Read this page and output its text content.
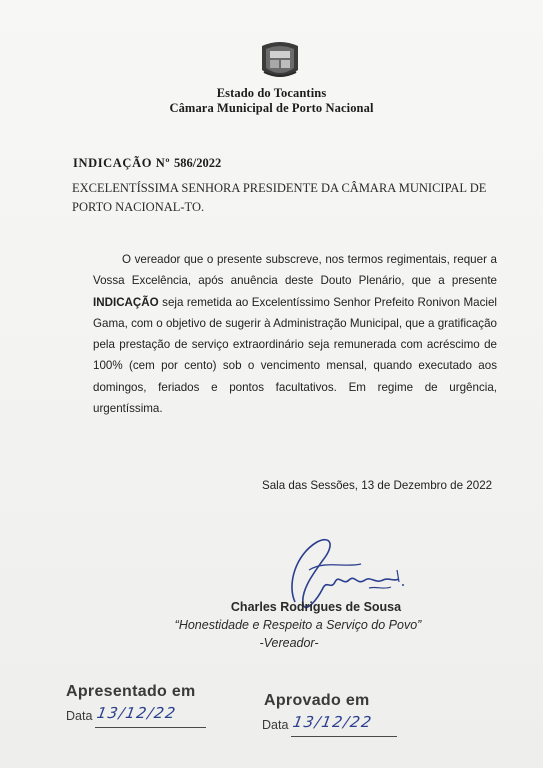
Estado do Tocantins
Câmara Municipal de Porto Nacional
INDICAÇÃO Nº 586/2022
EXCELENTÍSSIMA SENHORA PRESIDENTE DA CÂMARA MUNICIPAL DE PORTO NACIONAL-TO.
O vereador que o presente subscreve, nos termos regimentais, requer a Vossa Excelência, após anuência deste Douto Plenário, que a presente INDICAÇÃO seja remetida ao Excelentíssimo Senhor Prefeito Ronivon Maciel Gama, com o objetivo de sugerir à Administração Municipal, que a gratificação pela prestação de serviço extraordinário seja remunerada com acréscimo de 100% (cem por cento) sob o vencimento mensal, quando executado aos domingos, feriados e pontos facultativos. Em regime de urgência, urgentíssima.
Sala das Sessões, 13 de Dezembro de 2022
Charles Rodrigues de Sousa
“Honestidade e Respeito a Serviço do Povo”
-Vereador-
Apresentado em
Data 13/12/22
Aprovado em
Data 13/12/22
